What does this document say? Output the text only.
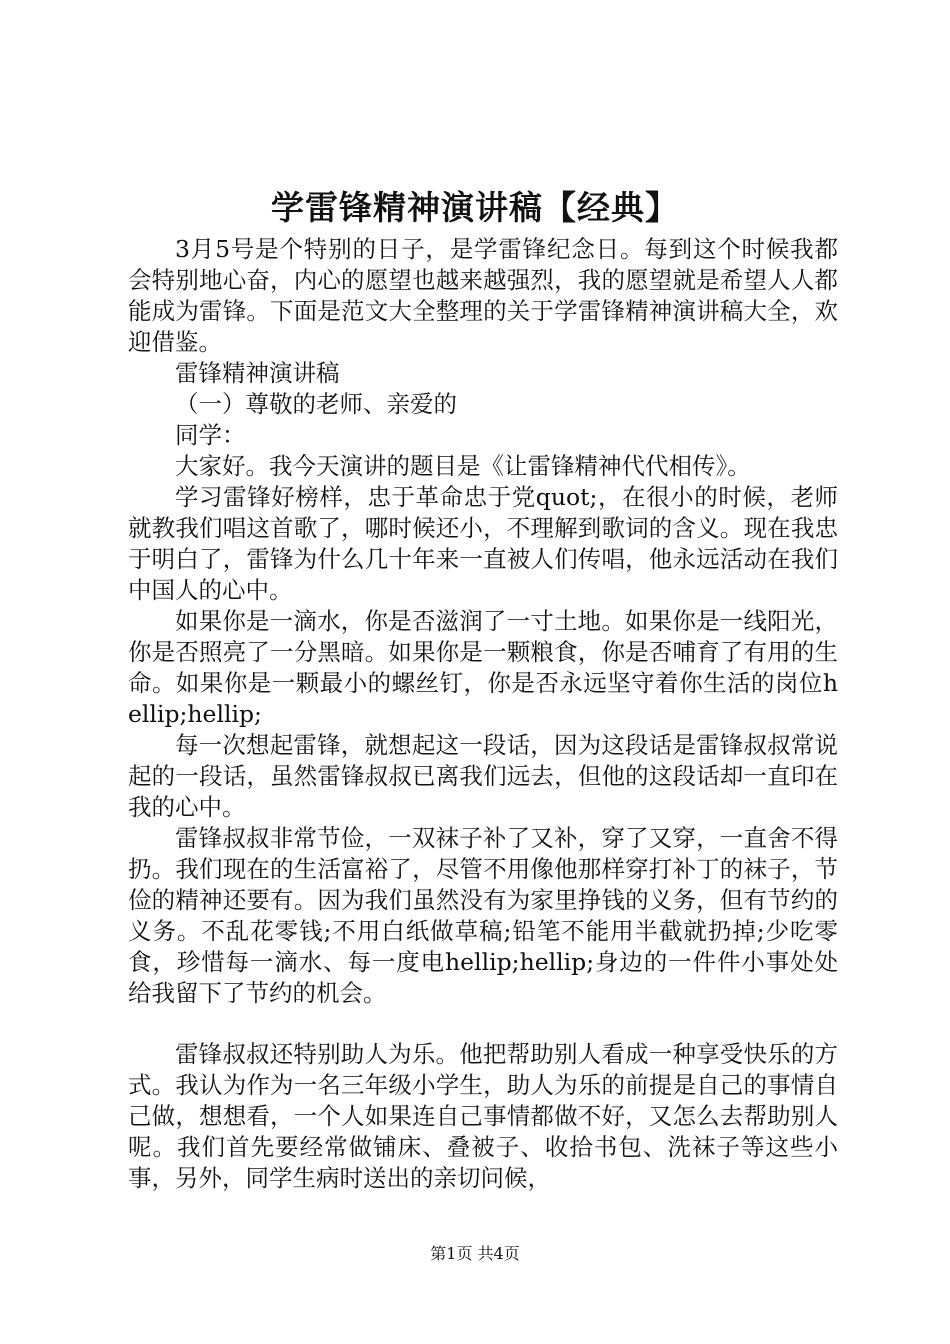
学雷锋精神演讲稿【经典】

3月5号是个特别的日子，是学雷锋纪念日。每到这个时候我都会特别地心奋，内心的愿望也越来越强烈，我的愿望就是希望人人都能成为雷锋。下面是范文大全整理的关于学雷锋精神演讲稿大全，欢迎借鉴。

雷锋精神演讲稿

（一）尊敬的老师、亲爱的

同学：

大家好。我今天演讲的题目是《让雷锋精神代代相传》。

学习雷锋好榜样，忠于革命忠于党quot;，在很小的时候，老师就教我们唱这首歌了，哪时候还小，不理解到歌词的含义。现在我忠于明白了，雷锋为什么几十年来一直被人们传唱，他永远活动在我们中国人的心中。

如果你是一滴水，你是否滋润了一寸土地。如果你是一线阳光，你是否照亮了一分黑暗。如果你是一颗粮食，你是否哺育了有用的生命。如果你是一颗最小的螺丝钉，你是否永远坚守着你生活的岗位hellip;hellip;

每一次想起雷锋，就想起这一段话，因为这段话是雷锋叔叔常说起的一段话，虽然雷锋叔叔已离我们远去，但他的这段话却一直印在我的心中。

雷锋叔叔非常节俭，一双袜子补了又补，穿了又穿，一直舍不得扔。我们现在的生活富裕了，尽管不用像他那样穿打补丁的袜子，节俭的精神还要有。因为我们虽然没有为家里挣钱的义务，但有节约的义务。不乱花零钱;不用白纸做草稿;铅笔不能用半截就扔掉;少吃零食，珍惜每一滴水、每一度电hellip;hellip;身边的一件件小事处处给我留下了节约的机会。

雷锋叔叔还特别助人为乐。他把帮助别人看成一种享受快乐的方式。我认为作为一名三年级小学生，助人为乐的前提是自己的事情自己做，想想看，一个人如果连自己事情都做不好，又怎么去帮助别人呢。我们首先要经常做铺床、叠被子、收拾书包、洗袜子等这些小事，另外，同学生病时送出的亲切问候，

第1页 共4页
